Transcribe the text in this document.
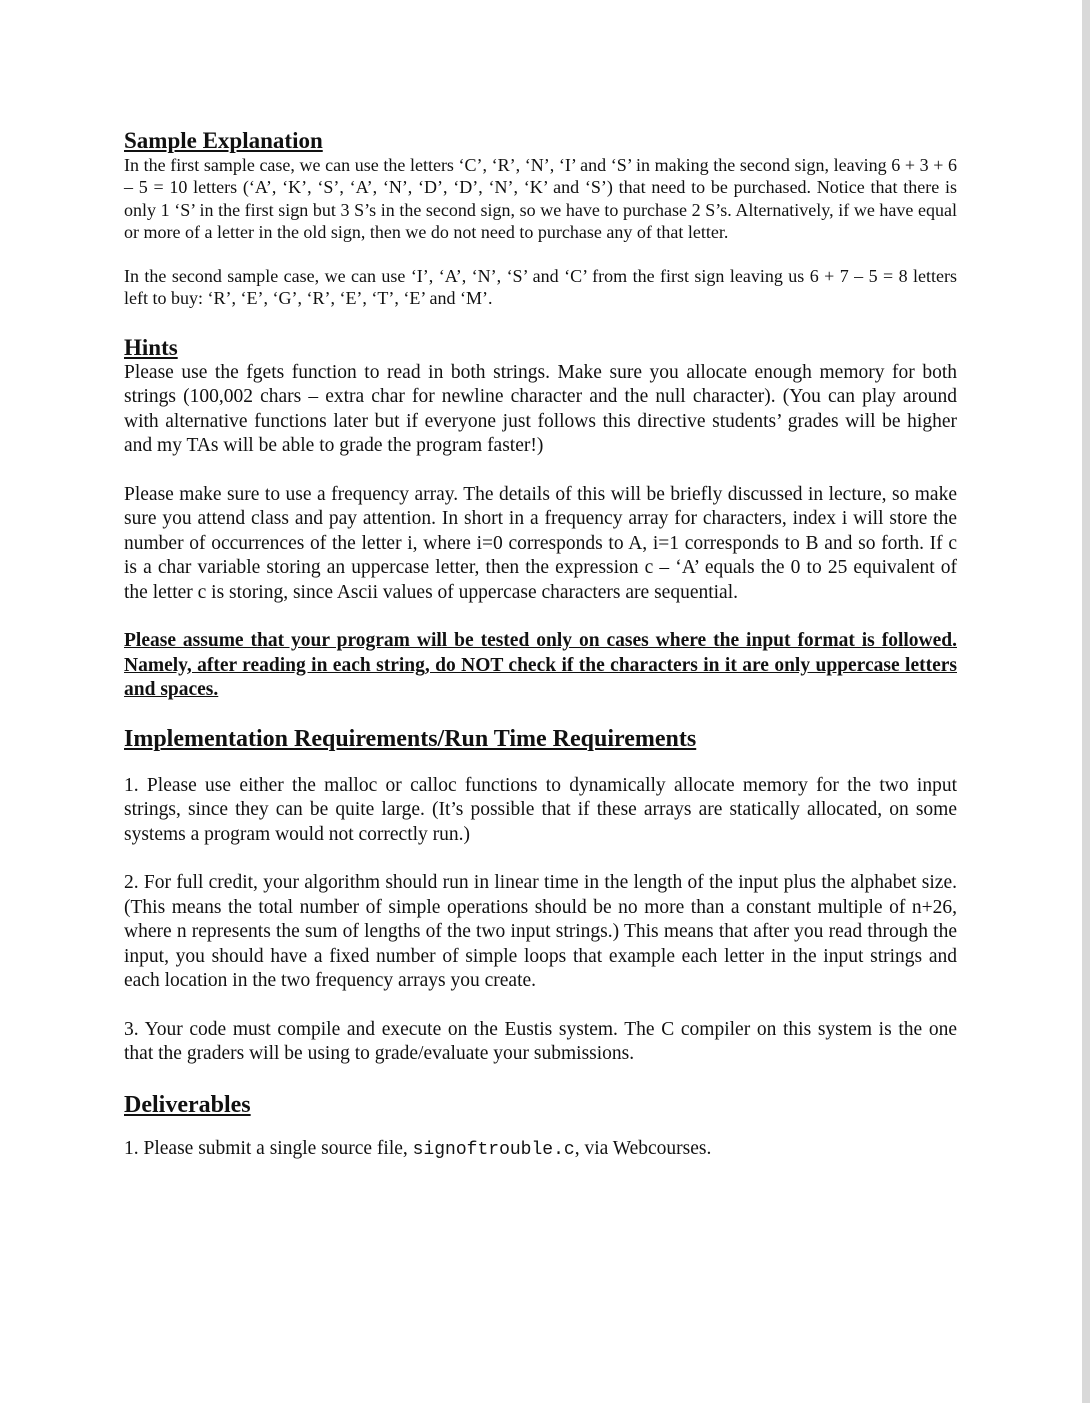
Sample Explanation

In the first sample case, we can use the letters ‘C’, ‘R’, ‘N’, ‘I’ and ‘S’ in making the second sign, leaving 6 + 3 + 6 – 5 = 10 letters (‘A’, ‘K’, ‘S’, ‘A’, ‘N’, ‘D’, ‘D’, ‘N’, ‘K’ and ‘S’) that need to be purchased. Notice that there is only 1 ‘S’ in the first sign but 3 S’s in the second sign, so we have to purchase 2 S’s. Alternatively, if we have equal or more of a letter in the old sign, then we do not need to purchase any of that letter.

In the second sample case, we can use ‘I’, ‘A’, ‘N’, ‘S’ and ‘C’ from the first sign leaving us 6 + 7 – 5 = 8 letters left to buy: ‘R’, ‘E’, ‘G’, ‘R’, ‘E’, ‘T’, ‘E’ and ‘M’.

Hints

Please use the fgets function to read in both strings. Make sure you allocate enough memory for both strings (100,002 chars – extra char for newline character and the null character). (You can play around with alternative functions later but if everyone just follows this directive students’ grades will be higher and my TAs will be able to grade the program faster!)

Please make sure to use a frequency array. The details of this will be briefly discussed in lecture, so make sure you attend class and pay attention. In short in a frequency array for characters, index i will store the number of occurrences of the letter i, where i=0 corresponds to A, i=1 corresponds to B and so forth. If c is a char variable storing an uppercase letter, then the expression c – ‘A’ equals the 0 to 25 equivalent of the letter c is storing, since Ascii values of uppercase characters are sequential.

Please assume that your program will be tested only on cases where the input format is followed. Namely, after reading in each string, do NOT check if the characters in it are only uppercase letters and spaces.

Implementation Requirements/Run Time Requirements

1. Please use either the malloc or calloc functions to dynamically allocate memory for the two input strings, since they can be quite large. (It’s possible that if these arrays are statically allocated, on some systems a program would not correctly run.)

2. For full credit, your algorithm should run in linear time in the length of the input plus the alphabet size. (This means the total number of simple operations should be no more than a constant multiple of n+26, where n represents the sum of lengths of the two input strings.) This means that after you read through the input, you should have a fixed number of simple loops that example each letter in the input strings and each location in the two frequency arrays you create.

3. Your code must compile and execute on the Eustis system. The C compiler on this system is the one that the graders will be using to grade/evaluate your submissions.

Deliverables

1. Please submit a single source file, signoftrouble.c, via Webcourses.
